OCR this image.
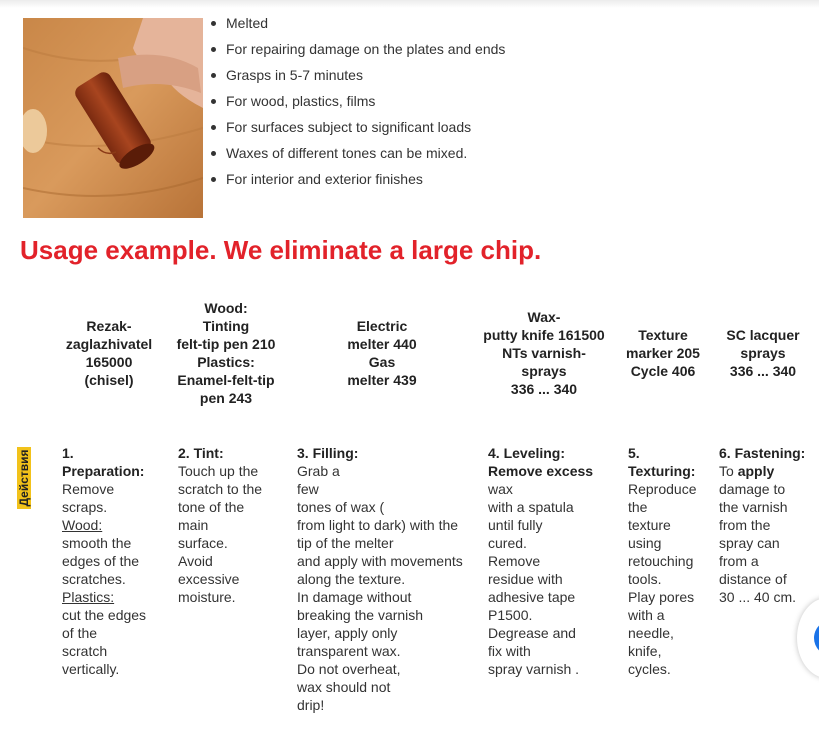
Melted
For repairing damage on the plates and ends
Grasps in 5-7 minutes
For wood, plastics, films
For surfaces subject to significant loads
Waxes of different tones can be mixed.
For interior and exterior finishes
Usage example. We eliminate a large chip.
Rezak-
zaglazhivatel
165000
(chisel)
Wood:
Tinting
felt-tip pen 210
Plastics:
Enamel-felt-tip
pen 243
Electric
melter 440
Gas
melter 439
Wax-
putty knife 161500
NTs varnish-
sprays
336 ... 340
Texture
marker 205
Cycle 406
SC lacquer
sprays
336 ... 340
Действия 1.
Preparation:
Remove
scraps.
Wood:
smooth the
edges of the
scratches.
Plastics:
cut the edges
of the
scratch
vertically.
2. Tint:
Touch up the
scratch to the
tone of the
main
surface.
Avoid
excessive
moisture.
3. Filling:
Grab a
few
tones of wax (
from light to dark) with the
tip of the melter
and apply with movements
along the texture.
In damage without
breaking the varnish
layer, apply only
transparent wax.
Do not overheat,
wax should not
drip!
4. Leveling:
Remove excess
wax
with a spatula
until fully
cured.
Remove
residue with
adhesive tape
P1500.
Degrease and
fix with
spray varnish .
5.
Texturing:
Reproduce
the
texture
using
retouching
tools.
Play pores
with a
needle,
knife,
cycles.
6. Fastening:
To apply
damage to
the varnish
from the
spray can
from a
distance of
30 ... 40 cm.
